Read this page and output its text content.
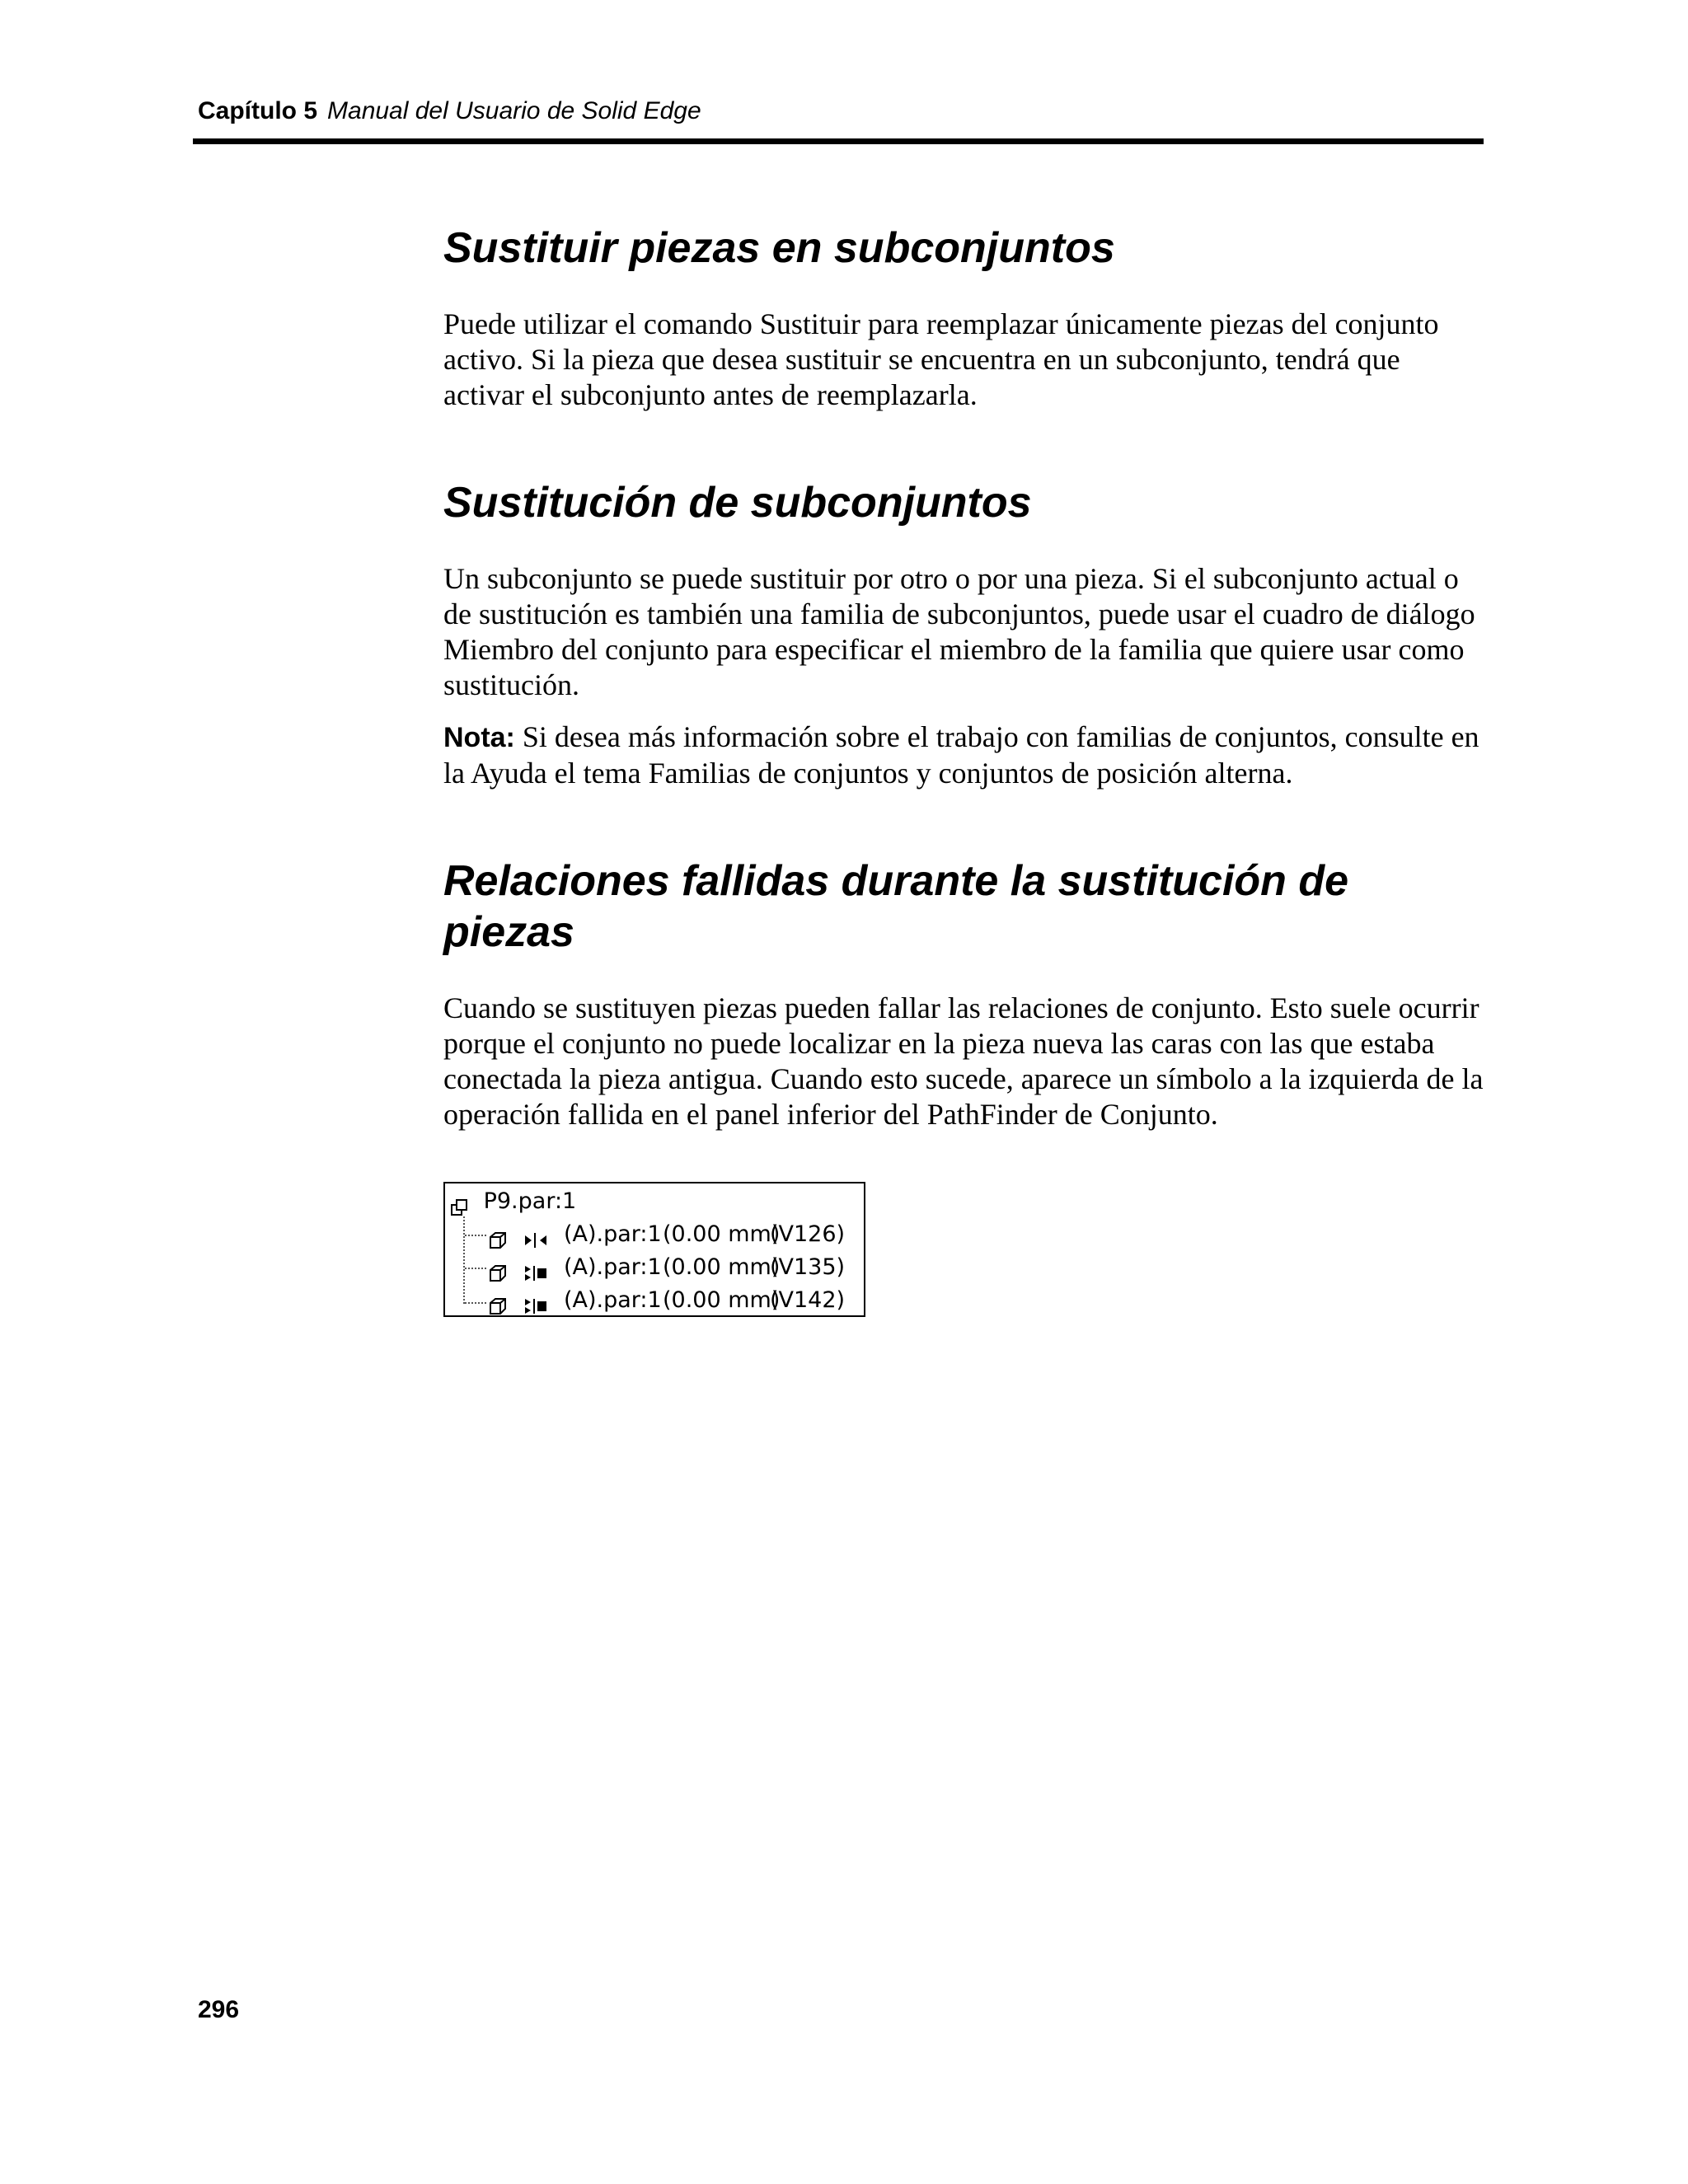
Capítulo 5 Manual del Usuario de Solid Edge
Sustituir piezas en subconjuntos

Puede utilizar el comando Sustituir para reemplazar únicamente piezas del conjunto activo. Si la pieza que desea sustituir se encuentra en un subconjunto, tendrá que activar el subconjunto antes de reemplazarla.

Sustitución de subconjuntos

Un subconjunto se puede sustituir por otro o por una pieza. Si el subconjunto actual o de sustitución es también una familia de subconjuntos, puede usar el cuadro de diálogo Miembro del conjunto para especificar el miembro de la familia que quiere usar como sustitución.

Nota: Si desea más información sobre el trabajo con familias de conjuntos, consulte en la Ayuda el tema Familias de conjuntos y conjuntos de posición alterna.

Relaciones fallidas durante la sustitución de piezas

Cuando se sustituyen piezas pueden fallar las relaciones de conjunto. Esto suele ocurrir porque el conjunto no puede localizar en la pieza nueva las caras con las que estaba conectada la pieza antigua. Cuando esto sucede, aparece un símbolo a la izquierda de la operación fallida en el panel inferior del PathFinder de Conjunto.

P9.par:1

(A).par:1 (0.00 mm)
(V126)

(A).par:1 (0.00 mm)
(V135)

(A).par:1 (0.00 mm)
(V142)
296
